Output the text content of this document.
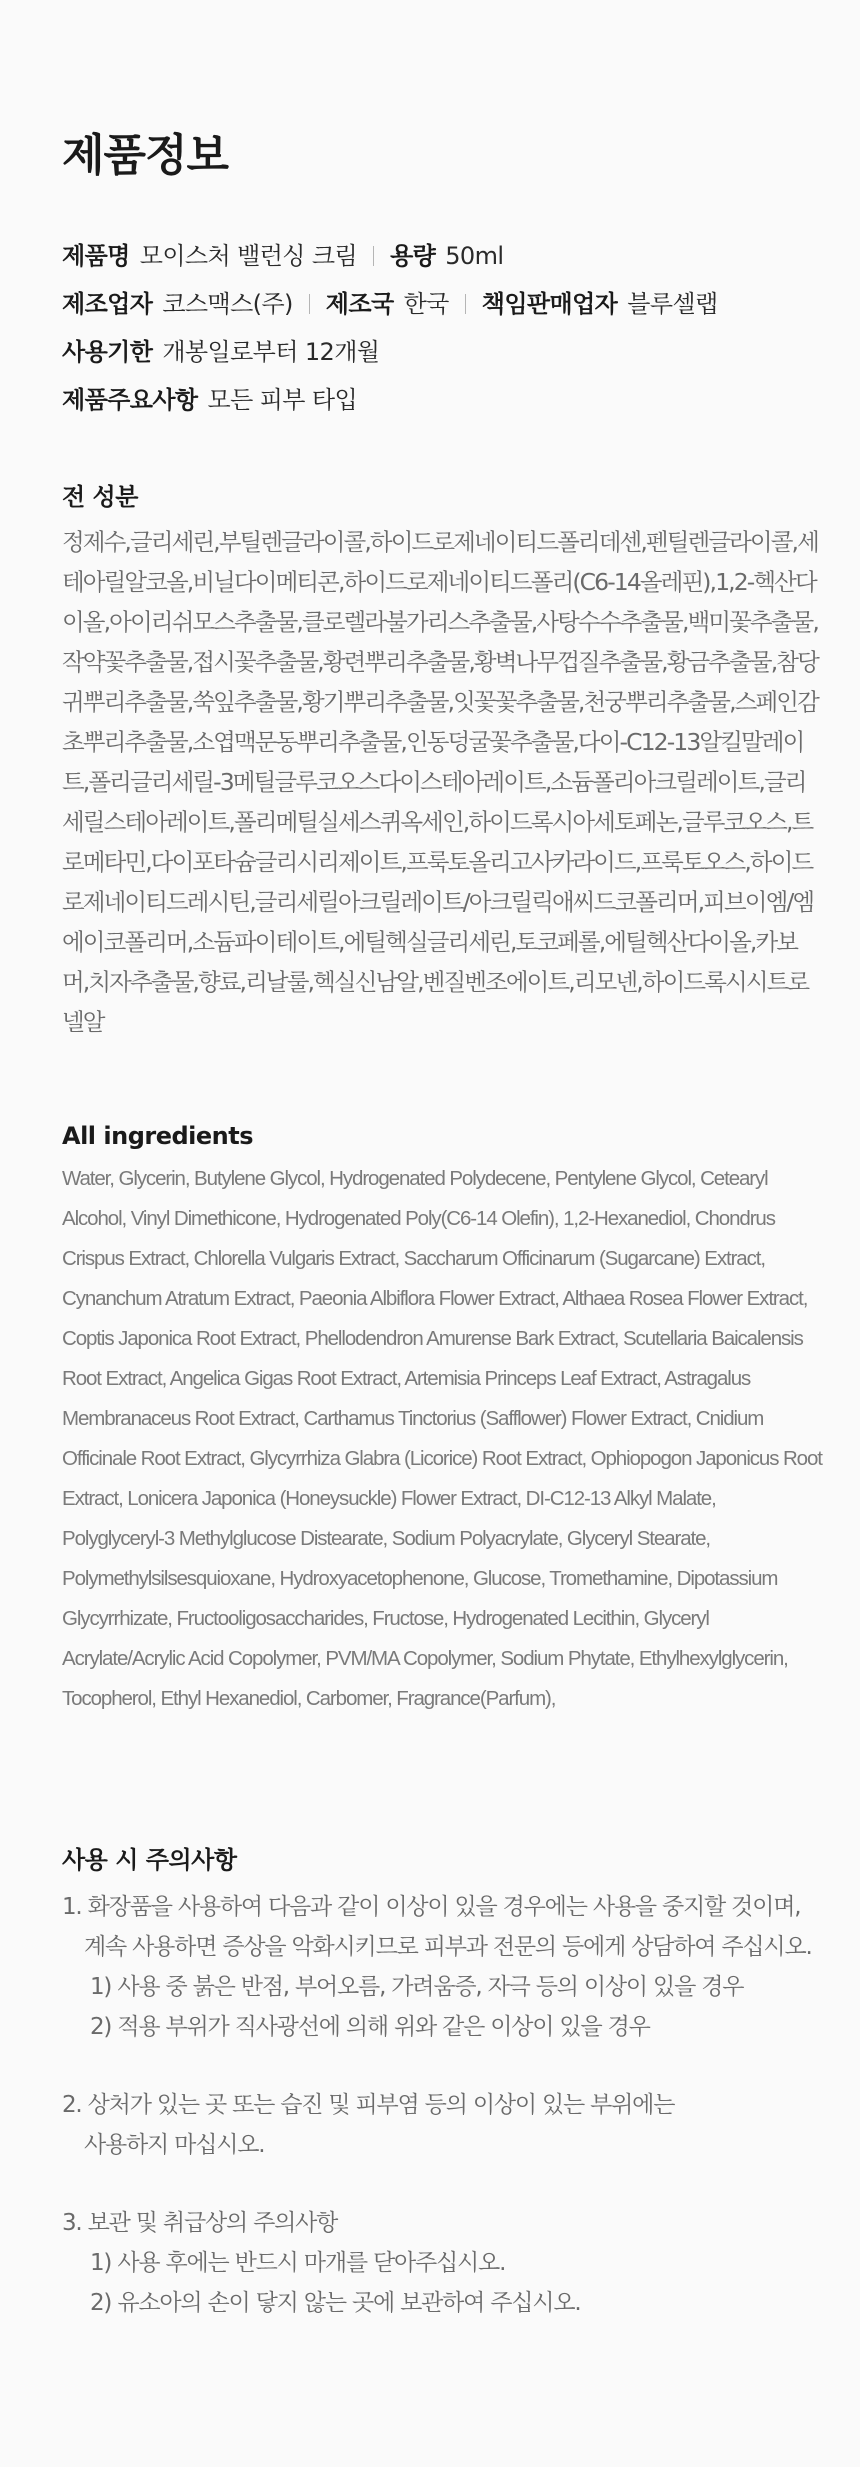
제품정보
제품명 모이스처 밸런싱 크림 용량 50ml
제조업자 코스맥스(주) 제조국 한국 책임판매업자 블루셀랩
사용기한 개봉일로부터 12개월
제품주요사항 모든 피부 타입
전 성분
정제수,글리세린,부틸렌글라이콜,하이드로제네이티드폴리데센,펜틸렌글라이콜,세테아릴알코올,비닐다이메티콘,하이드로제네이티드폴리(C6-14올레핀),1,2-헥산다이올,아이리쉬모스추출물,클로렐라불가리스추출물,사탕수수추출물,백미꽃추출물,작약꽃추출물,접시꽃추출물,황련뿌리추출물,황벽나무껍질추출물,황금추출물,참당귀뿌리추출물,쑥잎추출물,황기뿌리추출물,잇꽃꽃추출물,천궁뿌리추출물,스페인감초뿌리추출물,소엽맥문동뿌리추출물,인동덩굴꽃추출물,다이-C12-13알킬말레이트,폴리글리세릴-3메틸글루코오스다이스테아레이트,소듐폴리아크릴레이트,글리세릴스테아레이트,폴리메틸실세스퀴옥세인,하이드록시아세토페논,글루코오스,트로메타민,다이포타슘글리시리제이트,프룩토올리고사카라이드,프룩토오스,하이드로제네이티드레시틴,글리세릴아크릴레이트/아크릴릭애씨드코폴리머,피브이엠/엠에이코폴리머,소듐파이테이트,에틸헥실글리세린,토코페롤,에틸헥산다이올,카보머,치자추출물,향료,리날룰,헥실신남알,벤질벤조에이트,리모넨,하이드록시시트로넬알
All ingredients
Water, Glycerin, Butylene Glycol, Hydrogenated Polydecene, Pentylene Glycol, Cetearyl Alcohol, Vinyl Dimethicone, Hydrogenated Poly(C6-14 Olefin), 1,2-Hexanediol, Chondrus Crispus Extract, Chlorella Vulgaris Extract, Saccharum Officinarum (Sugarcane) Extract, Cynanchum Atratum Extract, Paeonia Albiflora Flower Extract, Althaea Rosea Flower Extract, Coptis Japonica Root Extract, Phellodendron Amurense Bark Extract, Scutellaria Baicalensis Root Extract, Angelica Gigas Root Extract, Artemisia Princeps Leaf Extract, Astragalus Membranaceus Root Extract, Carthamus Tinctorius (Safflower) Flower Extract, Cnidium Officinale Root Extract, Glycyrrhiza Glabra (Licorice) Root Extract, Ophiopogon Japonicus Root Extract, Lonicera Japonica (Honeysuckle) Flower Extract, DI-C12-13 Alkyl Malate, Polyglyceryl-3 Methylglucose Distearate, Sodium Polyacrylate, Glyceryl Stearate, Polymethylsilsesquioxane, Hydroxyacetophenone, Glucose, Tromethamine, Dipotassium Glycyrrhizate, Fructooligosaccharides, Fructose, Hydrogenated Lecithin, Glyceryl Acrylate/Acrylic Acid Copolymer, PVM/MA Copolymer, Sodium Phytate, Ethylhexylglycerin, Tocopherol, Ethyl Hexanediol, Carbomer, Fragrance(Parfum),
사용 시 주의사항
1. 화장품을 사용하여 다음과 같이 이상이 있을 경우에는 사용을 중지할 것이며,
계속 사용하면 증상을 악화시키므로 피부과 전문의 등에게 상담하여 주십시오.
1) 사용 중 붉은 반점, 부어오름, 가려움증, 자극 등의 이상이 있을 경우
2) 적용 부위가 직사광선에 의해 위와 같은 이상이 있을 경우
2. 상처가 있는 곳 또는 습진 및 피부염 등의 이상이 있는 부위에는
사용하지 마십시오.
3. 보관 및 취급상의 주의사항
1) 사용 후에는 반드시 마개를 닫아주십시오.
2) 유소아의 손이 닿지 않는 곳에 보관하여 주십시오.
